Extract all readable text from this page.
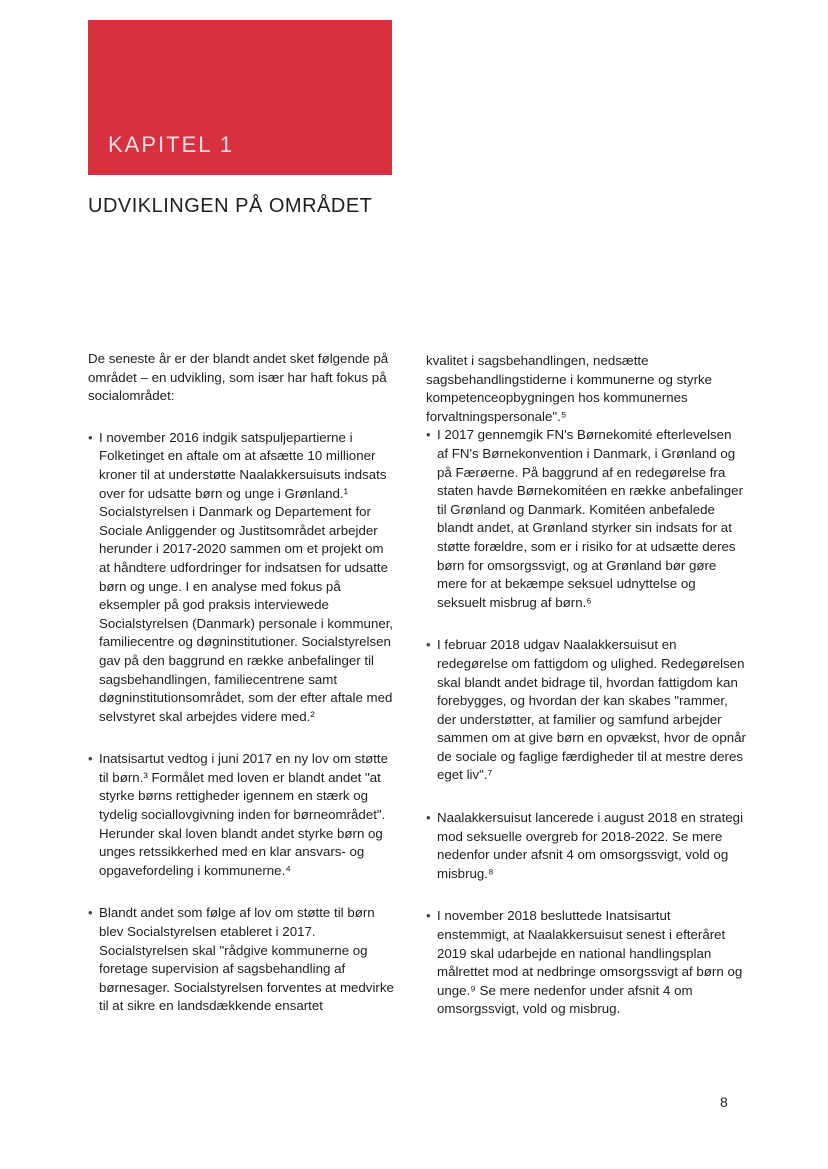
KAPITEL 1
UDVIKLINGEN PÅ OMRÅDET

De seneste år er der blandt andet sket følgende på området – en udvikling, som især har haft fokus på socialområdet:

• I november 2016 indgik satspuljepartierne i Folketinget en aftale om at afsætte 10 millioner kroner til at understøtte Naalakkersuisuts indsats over for udsatte børn og unge i Grønland.¹ Socialstyrelsen i Danmark og Departement for Sociale Anliggender og Justitsområdet arbejder herunder i 2017-2020 sammen om et projekt om at håndtere udfordringer for indsatsen for udsatte børn og unge. I en analyse med fokus på eksempler på god praksis interviewede Socialstyrelsen (Danmark) personale i kommuner, familiecentre og døgninstitutioner. Socialstyrelsen gav på den baggrund en række anbefalinger til sagsbehandlingen, familiecentrene samt døgninstitutionsområdet, som der efter aftale med selvstyret skal arbejdes videre med.²
• Inatsisartut vedtog i juni 2017 en ny lov om støtte til børn.³ Formålet med loven er blandt andet "at styrke børns rettigheder igennem en stærk og tydelig sociallovgivning inden for børneområdet". Herunder skal loven blandt andet styrke børn og unges retssikkerhed med en klar ansvars- og opgavefordeling i kommunerne.⁴
• Blandt andet som følge af lov om støtte til børn blev Socialstyrelsen etableret i 2017. Socialstyrelsen skal "rådgive kommunerne og foretage supervision af sagsbehandling af børnesager. Socialstyrelsen forventes at medvirke til at sikre en landsdækkende ensartet

kvalitet i sagsbehandlingen, nedsætte sagsbehandlingstiderne i kommunerne og styrke kompetenceopbygningen hos kommunernes forvaltningspersonale".⁵

• I 2017 gennemgik FN's Børnekomité efterlevelsen af FN's Børnekonvention i Danmark, i Grønland og på Færøerne. På baggrund af en redegørelse fra staten havde Børnekomitéen en række anbefalinger til Grønland og Danmark. Komitéen anbefalede blandt andet, at Grønland styrker sin indsats for at støtte forældre, som er i risiko for at udsætte deres børn for omsorgssvigt, og at Grønland bør gøre mere for at bekæmpe seksuel udnyttelse og seksuelt misbrug af børn.⁶
• I februar 2018 udgav Naalakkersuisut en redegørelse om fattigdom og ulighed. Redegørelsen skal blandt andet bidrage til, hvordan fattigdom kan forebygges, og hvordan der kan skabes "rammer, der understøtter, at familier og samfund arbejder sammen om at give børn en opvækst, hvor de opnår de sociale og faglige færdigheder til at mestre deres eget liv".⁷
• Naalakkersuisut lancerede i august 2018 en strategi mod seksuelle overgreb for 2018-2022. Se mere nedenfor under afsnit 4 om omsorgssvigt, vold og misbrug.⁸
• I november 2018 besluttede Inatsisartut enstemmigt, at Naalakkersuisut senest i efteråret 2019 skal udarbejde en national handlingsplan målrettet mod at nedbringe omsorgssvigt af børn og unge.⁹ Se mere nedenfor under afsnit 4 om omsorgssvigt, vold og misbrug.
8
